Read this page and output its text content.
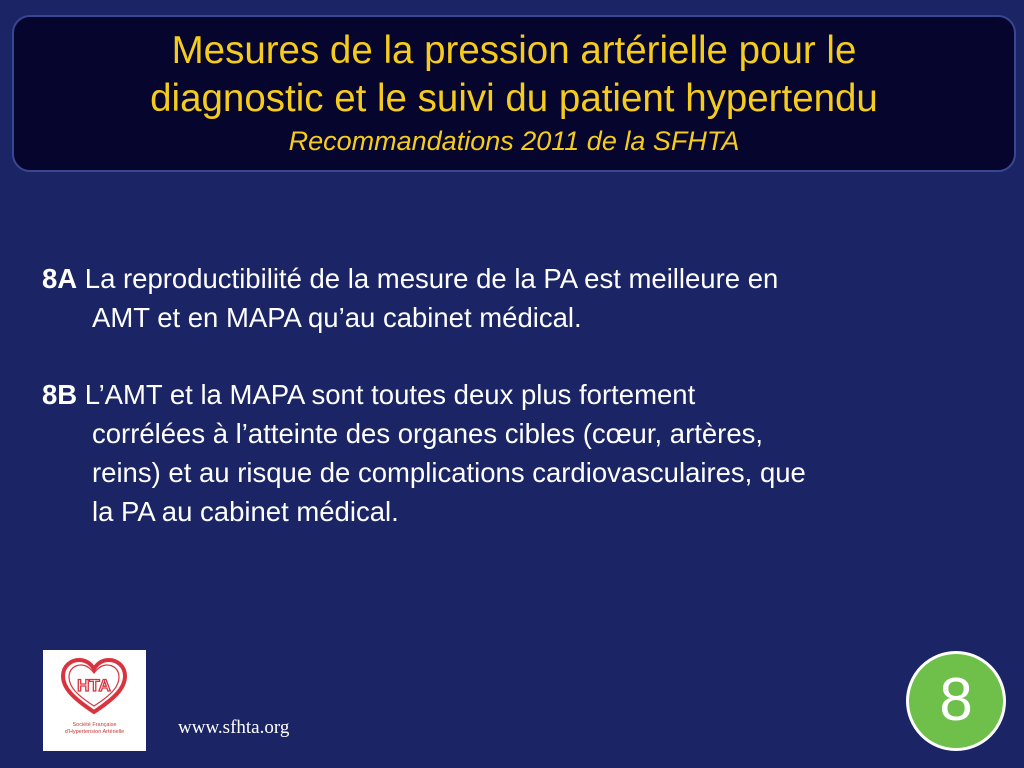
Mesures de la pression artérielle pour le
diagnostic et le suivi du patient hypertendu
Recommandations 2011 de la SFHTA
8A La reproductibilité de la mesure de la PA est meilleure en
AMT et en MAPA qu’au cabinet médical.
8B L’AMT et la MAPA sont toutes deux plus fortement
corrélées à l’atteinte des organes cibles (cœur, artères,
reins) et au risque de complications cardiovasculaires, que
la PA au cabinet médical.
HTA
Société Française
d'Hypertension Artérielle	www.sfhta.org	8
